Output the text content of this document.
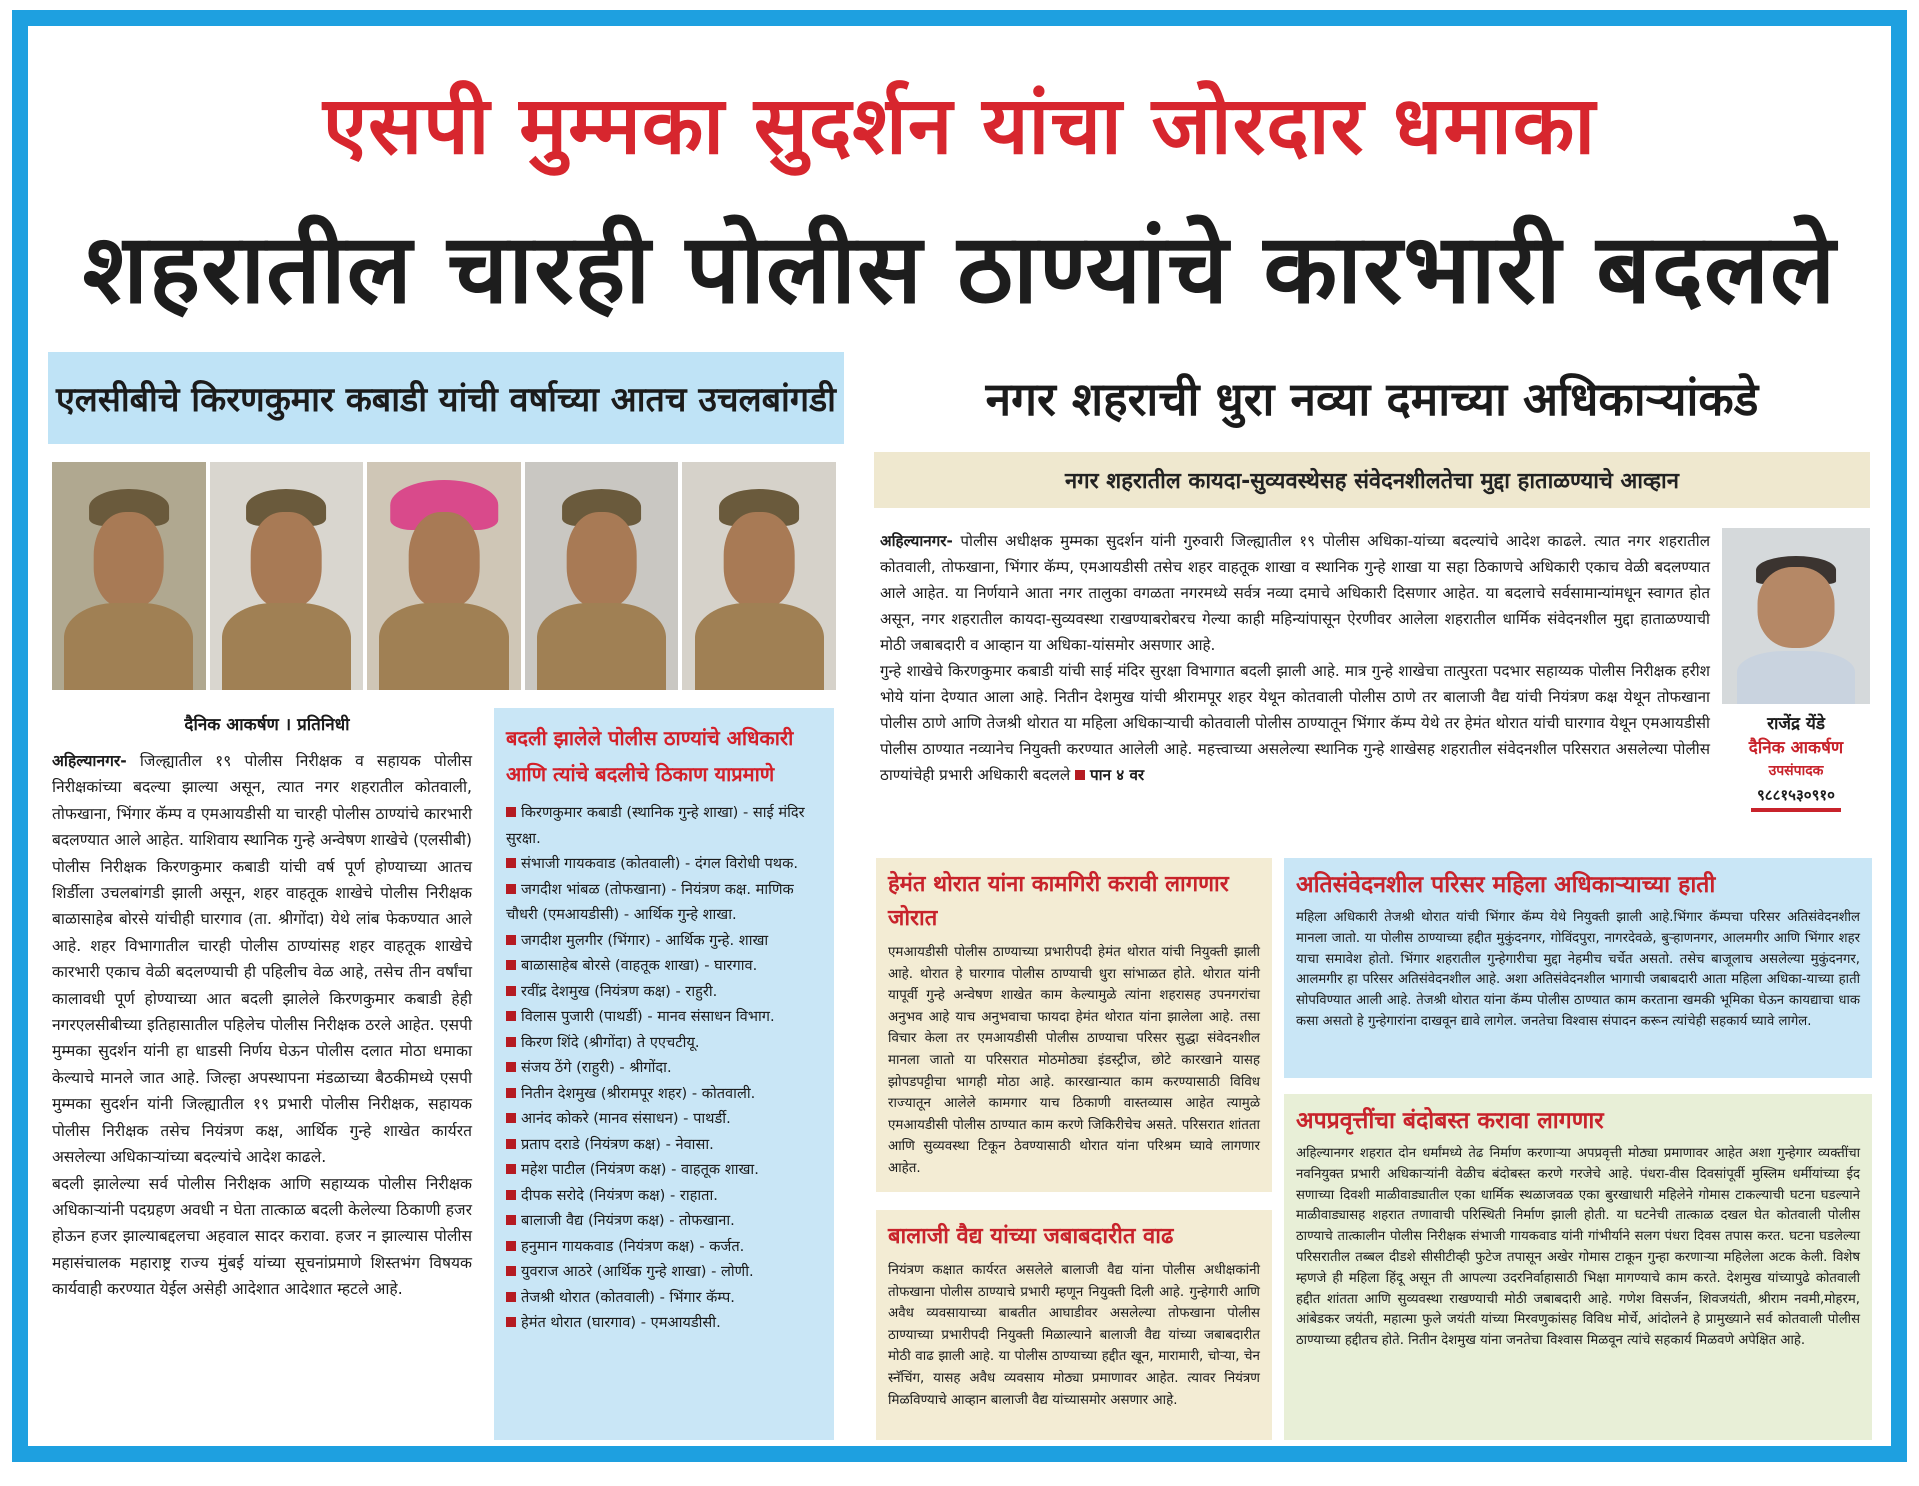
एसपी मुम्मका सुदर्शन यांचा जोरदार धमाका
शहरातील चारही पोलीस ठाण्यांचे कारभारी बदलले
एलसीबीचे किरणकुमार कबाडी यांची वर्षाच्या आतच उचलबांगडी	नगर शहराची धुरा नव्या दमाच्या अधिकाऱ्यांकडे
नगर शहरातील कायदा-सुव्यवस्थेसह संवेदनशीलतेचा मुद्दा हाताळण्याचे आव्हान
दैनिक आकर्षण । प्रतिनिधी

अहिल्यानगर- जिल्ह्यातील १९ पोलीस निरीक्षक व सहायक पोलीस निरीक्षकांच्या बदल्या झाल्या असून, त्यात नगर शहरातील कोतवाली, तोफखाना, भिंगार कॅम्प व एमआयडीसी या चारही पोलीस ठाण्यांचे कारभारी बदलण्यात आले आहेत. याशिवाय स्थानिक गुन्हे अन्वेषण शाखेचे (एलसीबी) पोलीस निरीक्षक किरणकुमार कबाडी यांची वर्ष पूर्ण होण्याच्या आतच शिर्डीला उचलबांगडी झाली असून, शहर वाहतूक शाखेचे पोलीस निरीक्षक बाळासाहेब बोरसे यांचीही घारगाव (ता. श्रीगोंदा) येथे लांब फेकण्यात आले आहे. शहर विभागातील चारही पोलीस ठाण्यांसह शहर वाहतूक शाखेचे कारभारी एकाच वेळी बदलण्याची ही पहिलीच वेळ आहे, तसेच तीन वर्षांचा कालावधी पूर्ण होण्याच्या आत बदली झालेले किरणकुमार कबाडी हेही नगरएलसीबीच्या इतिहासातील पहिलेच पोलीस निरीक्षक ठरले आहेत. एसपी मुम्मका सुदर्शन यांनी हा धाडसी निर्णय घेऊन पोलीस दलात मोठा धमाका केल्याचे मानले जात आहे. जिल्हा अपस्थापना मंडळाच्या बैठकीमध्ये एसपी मुम्मका सुदर्शन यांनी जिल्ह्यातील १९ प्रभारी पोलीस निरीक्षक, सहायक पोलीस निरीक्षक तसेच नियंत्रण कक्ष, आर्थिक गुन्हे शाखेत कार्यरत असलेल्या अधिकाऱ्यांच्या बदल्यांचे आदेश काढले.

बदली झालेल्या सर्व पोलीस निरीक्षक आणि सहाय्यक पोलीस निरीक्षक अधिकाऱ्यांनी पदग्रहण अवधी न घेता तात्काळ बदली केलेल्या ठिकाणी हजर होऊन हजर झाल्याबद्दलचा अहवाल सादर करावा. हजर न झाल्यास पोलीस महासंचालक महाराष्ट्र राज्य मुंबई यांच्या सूचनांप्रमाणे शिस्तभंग विषयक कार्यवाही करण्यात येईल असेही आदेशात आदेशात म्हटले आहे.

बदली झालेले पोलीस ठाण्यांचे अधिकारी आणि त्यांचे बदलीचे ठिकाण याप्रमाणे
किरणकुमार कबाडी (स्थानिक गुन्हे शाखा) - साई मंदिर सुरक्षा.
संभाजी गायकवाड (कोतवाली) - दंगल विरोधी पथक.
जगदीश भांबळ (तोफखाना) - नियंत्रण कक्ष. माणिक चौधरी (एमआयडीसी) - आर्थिक गुन्हे शाखा.
जगदीश मुलगीर (भिंगार) - आर्थिक गुन्हे. शाखा
बाळासाहेब बोरसे (वाहतूक शाखा) - घारगाव.
रवींद्र देशमुख (नियंत्रण कक्ष) - राहुरी.
विलास पुजारी (पाथर्डी) - मानव संसाधन विभाग.
किरण शिंदे (श्रीगोंदा) ते एएचटीयू.
संजय ठेंगे (राहुरी) - श्रीगोंदा.
नितीन देशमुख (श्रीरामपूर शहर) - कोतवाली.
आनंद कोकरे (मानव संसाधन) - पाथर्डी.
प्रताप दराडे (नियंत्रण कक्ष) - नेवासा.
महेश पाटील (नियंत्रण कक्ष) - वाहतूक शाखा.
दीपक सरोदे (नियंत्रण कक्ष) - राहाता.
बालाजी वैद्य (नियंत्रण कक्ष) - तोफखाना.
हनुमान गायकवाड (नियंत्रण कक्ष) - कर्जत.
युवराज आठरे (आर्थिक गुन्हे शाखा) - लोणी.
तेजश्री थोरात (कोतवाली) - भिंगार कॅम्प.
हेमंत थोरात (घारगाव) - एमआयडीसी.

अहिल्यानगर- पोलीस अधीक्षक मुम्मका सुदर्शन यांनी गुरुवारी जिल्ह्यातील १९ पोलीस अधिका-यांच्या बदल्यांचे आदेश काढले. त्यात नगर शहरातील कोतवाली, तोफखाना, भिंगार कॅम्प, एमआयडीसी तसेच शहर वाहतूक शाखा व स्थानिक गुन्हे शाखा या सहा ठिकाणचे अधिकारी एकाच वेळी बदलण्यात आले आहेत. या निर्णयाने आता नगर तालुका वगळता नगरमध्ये सर्वत्र नव्या दमाचे अधिकारी दिसणार आहेत. या बदलाचे सर्वसामान्यांमधून स्वागत होत असून, नगर शहरातील कायदा-सुव्यवस्था राखण्याबरोबरच गेल्या काही महिन्यांपासून ऐरणीवर आलेला शहरातील धार्मिक संवेदनशील मुद्दा हाताळण्याची मोठी जबाबदारी व आव्हान या अधिका-यांसमोर असणार आहे.

गुन्हे शाखेचे किरणकुमार कबाडी यांची साई मंदिर सुरक्षा विभागात बदली झाली आहे. मात्र गुन्हे शाखेचा तात्पुरता पदभार सहाय्यक पोलीस निरीक्षक हरीश भोये यांना देण्यात आला आहे. नितीन देशमुख यांची श्रीरामपूर शहर येथून कोतवाली पोलीस ठाणे तर बालाजी वैद्य यांची नियंत्रण कक्ष येथून तोफखाना पोलीस ठाणे आणि तेजश्री थोरात या महिला अधिकाऱ्याची कोतवाली पोलीस ठाण्यातून भिंगार कॅम्प येथे तर हेमंत थोरात यांची घारगाव येथून एमआयडीसी पोलीस ठाण्यात नव्यानेच नियुक्ती करण्यात आलेली आहे. महत्त्वाच्या असलेल्या स्थानिक गुन्हे शाखेसह शहरातील संवेदनशील परिसरात असलेल्या पोलीस ठाण्यांचेही प्रभारी अधिकारी बदलले पान ४ वर

राजेंद्र येंडे
दैनिक आकर्षण
उपसंपादक
९८८१५३०९१०
हेमंत थोरात यांना कामगिरी करावी लागणार जोरात
एमआयडीसी पोलीस ठाण्याच्या प्रभारीपदी हेमंत थोरात यांची नियुक्ती झाली आहे. थोरात हे घारगाव पोलीस ठाण्याची धुरा सांभाळत होते. थोरात यांनी यापूर्वी गुन्हे अन्वेषण शाखेत काम केल्यामुळे त्यांना शहरासह उपनगरांचा अनुभव आहे याच अनुभवाचा फायदा हेमंत थोरात यांना झालेला आहे. तसा विचार केला तर एमआयडीसी पोलीस ठाण्याचा परिसर सुद्धा संवेदनशील मानला जातो या परिसरात मोठमोठ्या इंडस्ट्रीज, छोटे कारखाने यासह झोपडपट्टीचा भागही मोठा आहे. कारखान्यात काम करण्यासाठी विविध राज्यातून आलेले कामगार याच ठिकाणी वास्तव्यास आहेत त्यामुळे एमआयडीसी पोलीस ठाण्यात काम करणे जिकिरीचेच असते. परिसरात शांतता आणि सुव्यवस्था टिकून ठेवण्यासाठी थोरात यांना परिश्रम घ्यावे लागणार आहेत.
बालाजी वैद्य यांच्या जबाबदारीत वाढ
नियंत्रण कक्षात कार्यरत असलेले बालाजी वैद्य यांना पोलीस अधीक्षकांनी तोफखाना पोलीस ठाण्याचे प्रभारी म्हणून नियुक्ती दिली आहे. गुन्हेगारी आणि अवैध व्यवसायाच्या बाबतीत आघाडीवर असलेल्या तोफखाना पोलीस ठाण्याच्या प्रभारीपदी नियुक्ती मिळाल्याने बालाजी वैद्य यांच्या जबाबदारीत मोठी वाढ झाली आहे. या पोलीस ठाण्याच्या हद्दीत खून, मारामारी, चोऱ्या, चेन स्नॅचिंग, यासह अवैध व्यवसाय मोठ्या प्रमाणावर आहेत. त्यावर नियंत्रण मिळविण्याचे आव्हान बालाजी वैद्य यांच्यासमोर असणार आहे.
अतिसंवेदनशील परिसर महिला अधिकाऱ्याच्या हाती
महिला अधिकारी तेजश्री थोरात यांची भिंगार कॅम्प येथे नियुक्ती झाली आहे.भिंगार कॅम्पचा परिसर अतिसंवेदनशील मानला जातो. या पोलीस ठाण्याच्या हद्दीत मुकुंदनगर, गोविंदपुरा, नागरदेवळे, बुऱ्हाणनगर, आलमगीर आणि भिंगार शहर याचा समावेश होतो. भिंगार शहरातील गुन्हेगारीचा मुद्दा नेहमीच चर्चेत असतो. तसेच बाजूलाच असलेल्या मुकुंदनगर, आलमगीर हा परिसर अतिसंवेदनशील आहे. अशा अतिसंवेदनशील भागाची जबाबदारी आता महिला अधिका-याच्या हाती सोपविण्यात आली आहे. तेजश्री थोरात यांना कॅम्प पोलीस ठाण्यात काम करताना खमकी भूमिका घेऊन कायद्याचा धाक कसा असतो हे गुन्हेगारांना दाखवून द्यावे लागेल. जनतेचा विश्वास संपादन करून त्यांचेही सहकार्य घ्यावे लागेल.
अपप्रवृत्तींचा बंदोबस्त करावा लागणार
अहिल्यानगर शहरात दोन धर्मांमध्ये तेढ निर्माण करणाऱ्या अपप्रवृत्ती मोठ्या प्रमाणावर आहेत अशा गुन्हेगार व्यक्तींचा नवनियुक्त प्रभारी अधिकाऱ्यांनी वेळीच बंदोबस्त करणे गरजेचे आहे. पंधरा-वीस दिवसांपूर्वी मुस्लिम धर्मीयांच्या ईद सणाच्या दिवशी माळीवाड्यातील एका धार्मिक स्थळाजवळ एका बुरखाधारी महिलेने गोमास टाकल्याची घटना घडल्याने माळीवाड्यासह शहरात तणावाची परिस्थिती निर्माण झाली होती. या घटनेची तात्काळ दखल घेत कोतवाली पोलीस ठाण्याचे तात्कालीन पोलीस निरीक्षक संभाजी गायकवाड यांनी गांभीर्याने सलग पंधरा दिवस तपास करत. घटना घडलेल्या परिसरातील तब्बल दीडशे सीसीटीव्ही फुटेज तपासून अखेर गोमास टाकून गुन्हा करणाऱ्या महिलेला अटक केली. विशेष म्हणजे ही महिला हिंदू असून ती आपल्या उदरनिर्वाहासाठी भिक्षा मागण्याचे काम करते. देशमुख यांच्यापुढे कोतवाली हद्दीत शांतता आणि सुव्यवस्था राखण्याची मोठी जबाबदारी आहे. गणेश विसर्जन, शिवजयंती, श्रीराम नवमी,मोहरम, आंबेडकर जयंती, महात्मा फुले जयंती यांच्या मिरवणुकांसह विविध मोर्चे, आंदोलने हे प्रामुख्याने सर्व कोतवाली पोलीस ठाण्याच्या हद्दीतच होते. नितीन देशमुख यांना जनतेचा विश्वास मिळवून त्यांचे सहकार्य मिळवणे अपेक्षित आहे.
